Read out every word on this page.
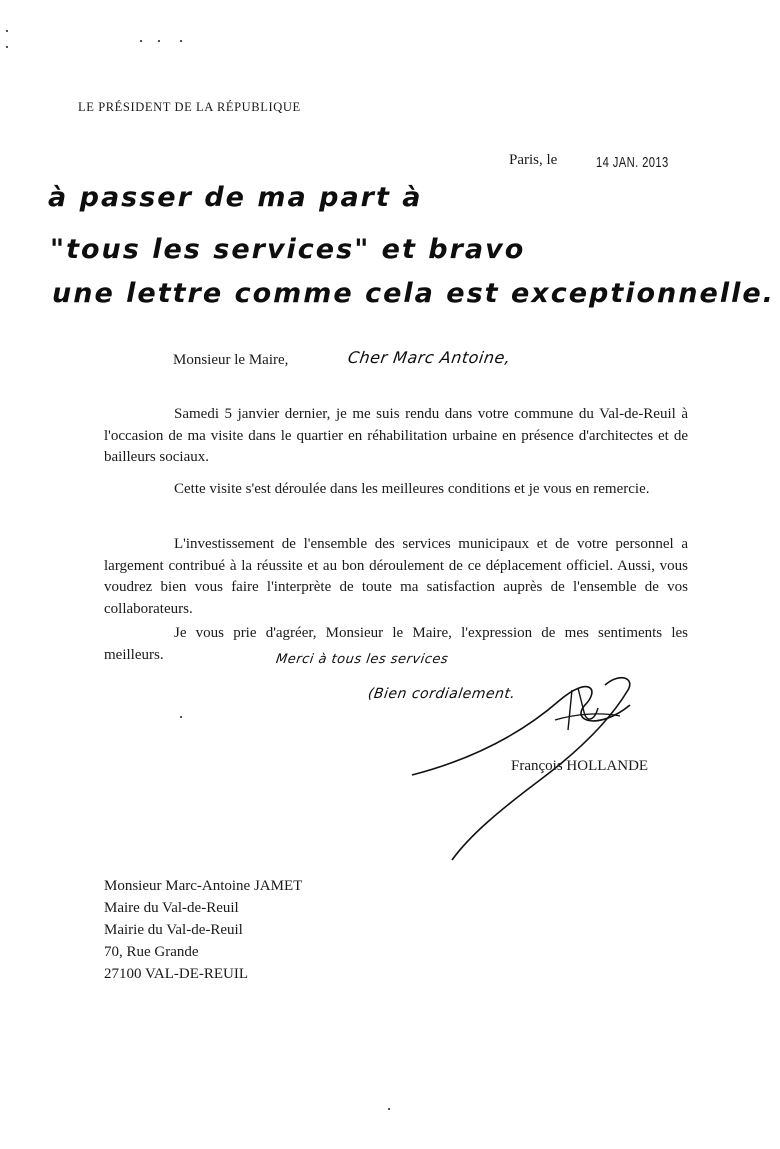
LE PRÉSIDENT DE LA RÉPUBLIQUE
Paris, le	14 JAN. 2013
à passer de ma part à
"tous les services" et bravo
une lettre comme cela est exceptionnelle.
Monsieur le Maire,	Cher Marc Antoine,
Samedi 5 janvier dernier, je me suis rendu dans votre commune du Val-de-Reuil à l'occasion de ma visite dans le quartier en réhabilitation urbaine en présence d'architectes et de bailleurs sociaux.
Cette visite s'est déroulée dans les meilleures conditions et je vous en remercie.
L'investissement de l'ensemble des services municipaux et de votre personnel a largement contribué à la réussite et au bon déroulement de ce déplacement officiel. Aussi, vous voudrez bien vous faire l'interprète de toute ma satisfaction auprès de l'ensemble de vos collaborateurs.
Je vous prie d'agréer, Monsieur le Maire, l'expression de mes sentiments les meilleurs.	Merci à tous les services
(Bien cordialement.
François HOLLANDE
Monsieur Marc-Antoine JAMET
Maire du Val-de-Reuil
Mairie du Val-de-Reuil
70, Rue Grande
27100 VAL-DE-REUIL
